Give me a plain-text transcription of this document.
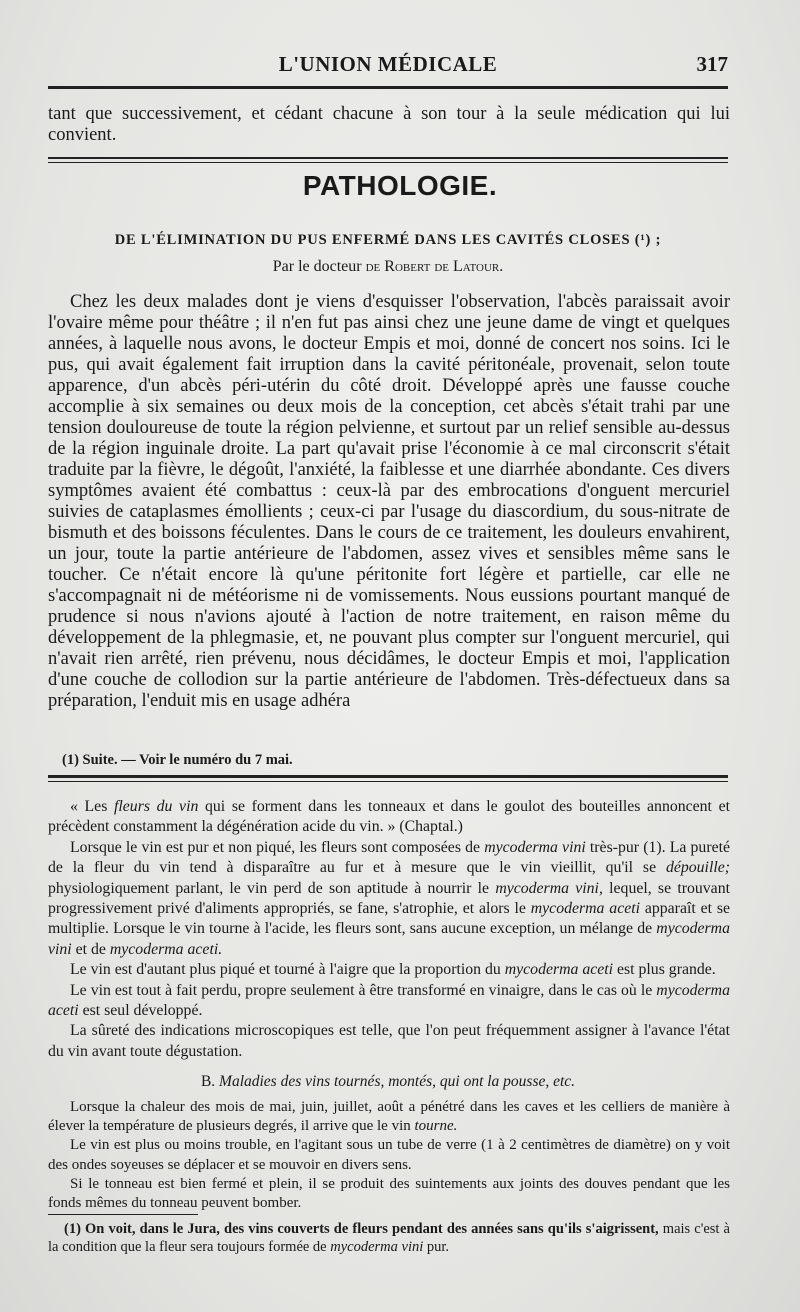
L'UNION MÉDICALE	317

tant que successivement, et cédant chacune à son tour à la seule médication qui lui convient.

PATHOLOGIE.
DE L'ÉLIMINATION DU PUS ENFERMÉ DANS LES CAVITÉS CLOSES (¹) ;
Par le docteur de Robert de Latour.

Chez les deux malades dont je viens d'esquisser l'observation, l'abcès paraissait avoir l'ovaire même pour théâtre ; il n'en fut pas ainsi chez une jeune dame de vingt et quelques années, à laquelle nous avons, le docteur Empis et moi, donné de concert nos soins. Ici le pus, qui avait également fait irruption dans la cavité péritonéale, provenait, selon toute apparence, d'un abcès péri-utérin du côté droit. Développé après une fausse couche accomplie à six semaines ou deux mois de la conception, cet abcès s'était trahi par une tension douloureuse de toute la région pelvienne, et surtout par un relief sensible au-dessus de la région inguinale droite. La part qu'avait prise l'économie à ce mal circonscrit s'était traduite par la fièvre, le dégoût, l'anxiété, la faiblesse et une diarrhée abondante. Ces divers symptômes avaient été combattus : ceux-là par des embrocations d'onguent mercuriel suivies de cataplasmes émollients ; ceux-ci par l'usage du diascordium, du sous-nitrate de bismuth et des boissons féculentes. Dans le cours de ce traitement, les douleurs envahirent, un jour, toute la partie antérieure de l'abdomen, assez vives et sensibles même sans le toucher. Ce n'était encore là qu'une péritonite fort légère et partielle, car elle ne s'accompagnait ni de météorisme ni de vomissements. Nous eussions pourtant manqué de prudence si nous n'avions ajouté à l'action de notre traitement, en raison même du développement de la phlegmasie, et, ne pouvant plus compter sur l'onguent mercuriel, qui n'avait rien arrêté, rien prévenu, nous décidâmes, le docteur Empis et moi, l'application d'une couche de collodion sur la partie antérieure de l'abdomen. Très-défectueux dans sa préparation, l'enduit mis en usage adhéra

(1) Suite. — Voir le numéro du 7 mai.

« Les fleurs du vin qui se forment dans les tonneaux et dans le goulot des bouteilles annoncent et précèdent constamment la dégénération acide du vin. » (Chaptal.)

Lorsque le vin est pur et non piqué, les fleurs sont composées de mycoderma vini très-pur (1). La pureté de la fleur du vin tend à disparaître au fur et à mesure que le vin vieillit, qu'il se dépouille; physiologiquement parlant, le vin perd de son aptitude à nourrir le mycoderma vini, lequel, se trouvant progressivement privé d'aliments appropriés, se fane, s'atrophie, et alors le mycoderma aceti apparaît et se multiplie. Lorsque le vin tourne à l'acide, les fleurs sont, sans aucune exception, un mélange de mycoderma vini et de mycoderma aceti.

Le vin est d'autant plus piqué et tourné à l'aigre que la proportion du mycoderma aceti est plus grande.

Le vin est tout à fait perdu, propre seulement à être transformé en vinaigre, dans le cas où le mycoderma aceti est seul développé.

La sûreté des indications microscopiques est telle, que l'on peut fréquemment assigner à l'avance l'état du vin avant toute dégustation.

B. Maladies des vins tournés, montés, qui ont la pousse, etc.

Lorsque la chaleur des mois de mai, juin, juillet, août a pénétré dans les caves et les celliers de manière à élever la température de plusieurs degrés, il arrive que le vin tourne.

Le vin est plus ou moins trouble, en l'agitant sous un tube de verre (1 à 2 centimètres de diamètre) on y voit des ondes soyeuses se déplacer et se mouvoir en divers sens.

Si le tonneau est bien fermé et plein, il se produit des suintements aux joints des douves pendant que les fonds mêmes du tonneau peuvent bomber.

(1) On voit, dans le Jura, des vins couverts de fleurs pendant des années sans qu'ils s'aigrissent, mais c'est à la condition que la fleur sera toujours formée de mycoderma vini pur.
